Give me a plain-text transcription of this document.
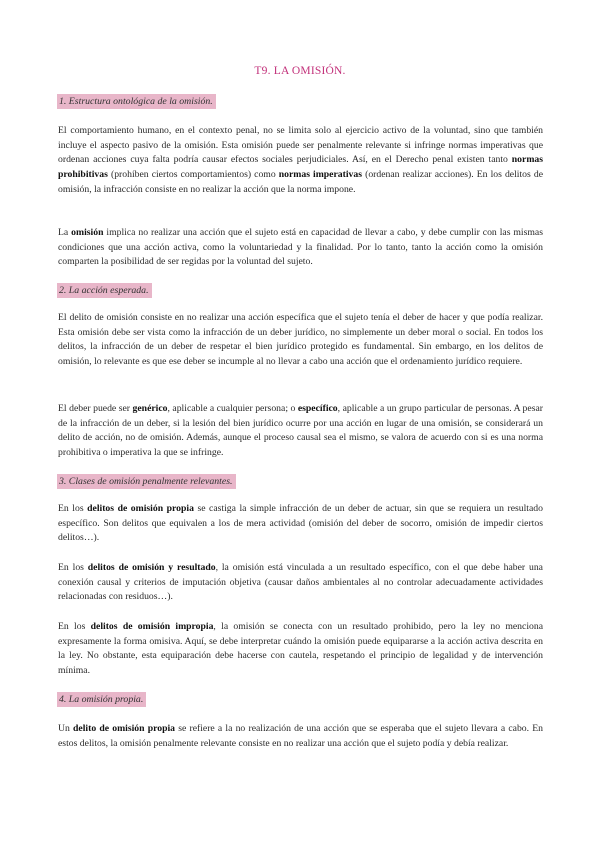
T9. LA OMISIÓN.
1. Estructura ontológica de la omisión.

El comportamiento humano, en el contexto penal, no se limita solo al ejercicio activo de la voluntad, sino que también incluye el aspecto pasivo de la omisión. Esta omisión puede ser penalmente relevante si infringe normas imperativas que ordenan acciones cuya falta podría causar efectos sociales perjudiciales. Así, en el Derecho penal existen tanto normas prohibitivas (prohíben ciertos comportamientos) como normas imperativas (ordenan realizar acciones). En los delitos de omisión, la infracción consiste en no realizar la acción que la norma impone.

La omisión implica no realizar una acción que el sujeto está en capacidad de llevar a cabo, y debe cumplir con las mismas condiciones que una acción activa, como la voluntariedad y la finalidad. Por lo tanto, tanto la acción como la omisión comparten la posibilidad de ser regidas por la voluntad del sujeto.

2. La acción esperada.

El delito de omisión consiste en no realizar una acción específica que el sujeto tenía el deber de hacer y que podía realizar. Esta omisión debe ser vista como la infracción de un deber jurídico, no simplemente un deber moral o social. En todos los delitos, la infracción de un deber de respetar el bien jurídico protegido es fundamental. Sin embargo, en los delitos de omisión, lo relevante es que ese deber se incumple al no llevar a cabo una acción que el ordenamiento jurídico requiere.

El deber puede ser genérico, aplicable a cualquier persona; o específico, aplicable a un grupo particular de personas. A pesar de la infracción de un deber, si la lesión del bien jurídico ocurre por una acción en lugar de una omisión, se considerará un delito de acción, no de omisión. Además, aunque el proceso causal sea el mismo, se valora de acuerdo con si es una norma prohibitiva o imperativa la que se infringe.

3. Clases de omisión penalmente relevantes.

En los delitos de omisión propia se castiga la simple infracción de un deber de actuar, sin que se requiera un resultado específico. Son delitos que equivalen a los de mera actividad (omisión del deber de socorro, omisión de impedir ciertos delitos…).

En los delitos de omisión y resultado, la omisión está vinculada a un resultado específico, con el que debe haber una conexión causal y criterios de imputación objetiva (causar daños ambientales al no controlar adecuadamente actividades relacionadas con residuos…).

En los delitos de omisión impropia, la omisión se conecta con un resultado prohibido, pero la ley no menciona expresamente la forma omisiva. Aquí, se debe interpretar cuándo la omisión puede equipararse a la acción activa descrita en la ley. No obstante, esta equiparación debe hacerse con cautela, respetando el principio de legalidad y de intervención mínima.

4. La omisión propia.

Un delito de omisión propia se refiere a la no realización de una acción que se esperaba que el sujeto llevara a cabo. En estos delitos, la omisión penalmente relevante consiste en no realizar una acción que el sujeto podía y debía realizar.
